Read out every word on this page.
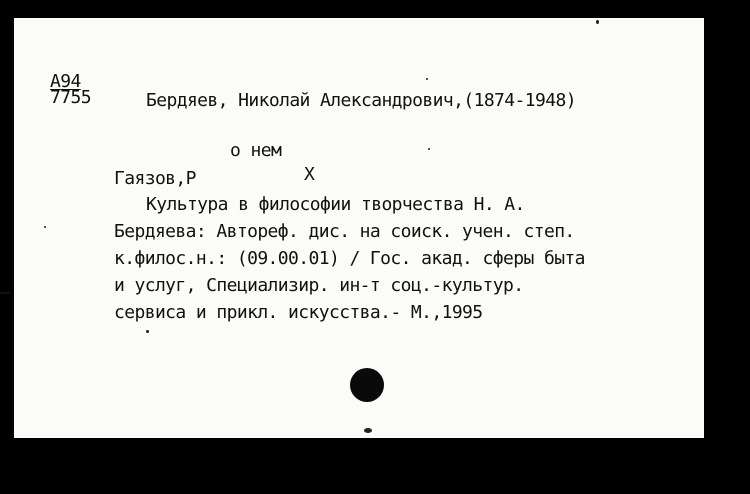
А94
7755	Бердяев, Николай Александрович,(1874-1948)
о нем
Гаязов,Р	Х
Культура в философии творчества Н. А.
Бердяева: Автореф. дис. на соиск. учен. степ.
к.филос.н.: (09.00.01) / Гос. акад. сферы быта
и услуг, Специализир. ин-т соц.-культур.
сервиса и прикл. искусства.- М.,1995
